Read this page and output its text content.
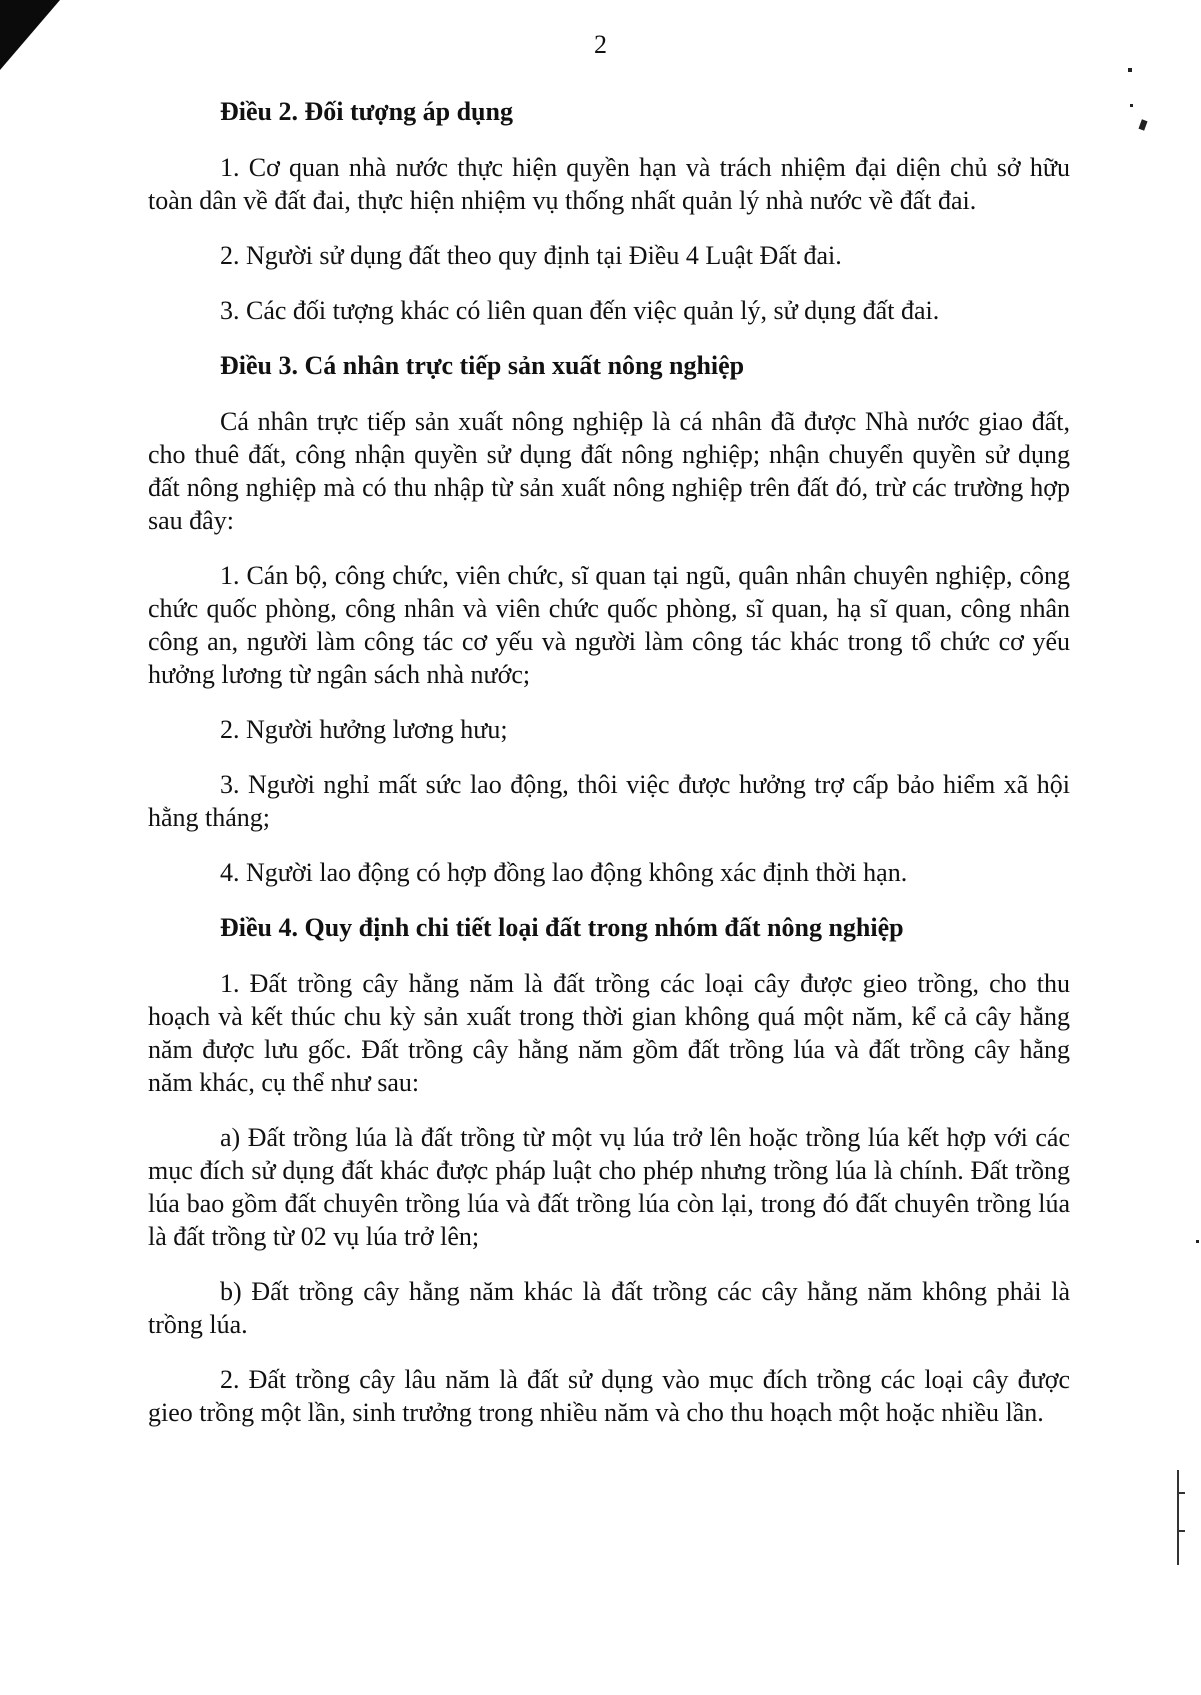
2
Điều 2. Đối tượng áp dụng

1. Cơ quan nhà nước thực hiện quyền hạn và trách nhiệm đại diện chủ sở hữu toàn dân về đất đai, thực hiện nhiệm vụ thống nhất quản lý nhà nước về đất đai.

2. Người sử dụng đất theo quy định tại Điều 4 Luật Đất đai.

3. Các đối tượng khác có liên quan đến việc quản lý, sử dụng đất đai.

Điều 3. Cá nhân trực tiếp sản xuất nông nghiệp

Cá nhân trực tiếp sản xuất nông nghiệp là cá nhân đã được Nhà nước giao đất, cho thuê đất, công nhận quyền sử dụng đất nông nghiệp; nhận chuyển quyền sử dụng đất nông nghiệp mà có thu nhập từ sản xuất nông nghiệp trên đất đó, trừ các trường hợp sau đây:

1. Cán bộ, công chức, viên chức, sĩ quan tại ngũ, quân nhân chuyên nghiệp, công chức quốc phòng, công nhân và viên chức quốc phòng, sĩ quan, hạ sĩ quan, công nhân công an, người làm công tác cơ yếu và người làm công tác khác trong tổ chức cơ yếu hưởng lương từ ngân sách nhà nước;

2. Người hưởng lương hưu;

3. Người nghỉ mất sức lao động, thôi việc được hưởng trợ cấp bảo hiểm xã hội hằng tháng;

4. Người lao động có hợp đồng lao động không xác định thời hạn.

Điều 4. Quy định chi tiết loại đất trong nhóm đất nông nghiệp

1. Đất trồng cây hằng năm là đất trồng các loại cây được gieo trồng, cho thu hoạch và kết thúc chu kỳ sản xuất trong thời gian không quá một năm, kể cả cây hằng năm được lưu gốc. Đất trồng cây hằng năm gồm đất trồng lúa và đất trồng cây hằng năm khác, cụ thể như sau:

a) Đất trồng lúa là đất trồng từ một vụ lúa trở lên hoặc trồng lúa kết hợp với các mục đích sử dụng đất khác được pháp luật cho phép nhưng trồng lúa là chính. Đất trồng lúa bao gồm đất chuyên trồng lúa và đất trồng lúa còn lại, trong đó đất chuyên trồng lúa là đất trồng từ 02 vụ lúa trở lên;

b) Đất trồng cây hằng năm khác là đất trồng các cây hằng năm không phải là trồng lúa.

2. Đất trồng cây lâu năm là đất sử dụng vào mục đích trồng các loại cây được gieo trồng một lần, sinh trưởng trong nhiều năm và cho thu hoạch một hoặc nhiều lần.
